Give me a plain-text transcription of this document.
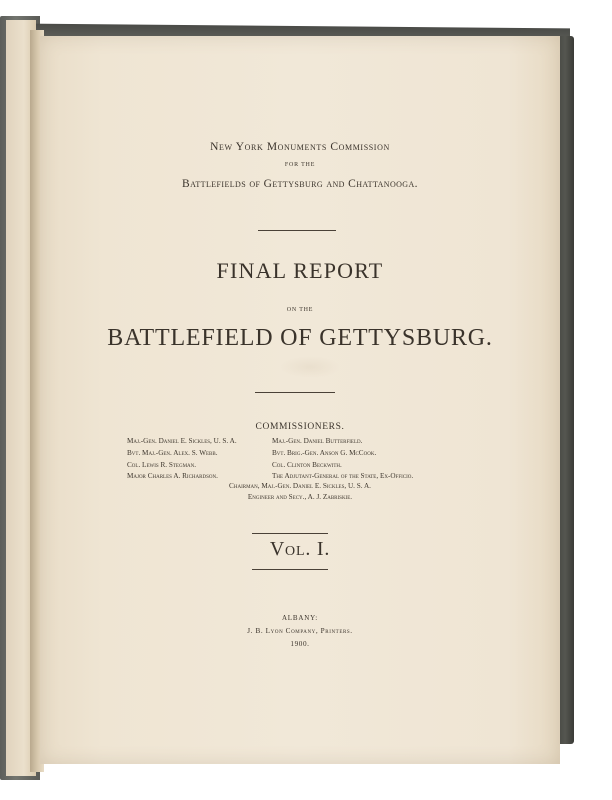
New York Monuments Commission
FOR THE
Battlefields of Gettysburg and Chattanooga.
FINAL REPORT
ON THE
BATTLEFIELD OF GETTYSBURG.
COMMISSIONERS.
Maj.-Gen. Daniel E. Sickles, U. S. A.	Maj.-Gen. Daniel Butterfield.
Bvt. Maj.-Gen. Alex. S. Webb.	Bvt. Brig.-Gen. Anson G. McCook.
Col. Lewis R. Stegman.	Col. Clinton Beckwith.
Major Charles A. Richardson.	The Adjutant-General of the State, Ex-Officio.
Chairman, Maj.-Gen. Daniel E. Sickles, U. S. A.
Engineer and Secy., A. J. Zabriskie.
Vol. I.
ALBANY:
J. B. Lyon Company, Printers.
1900.
